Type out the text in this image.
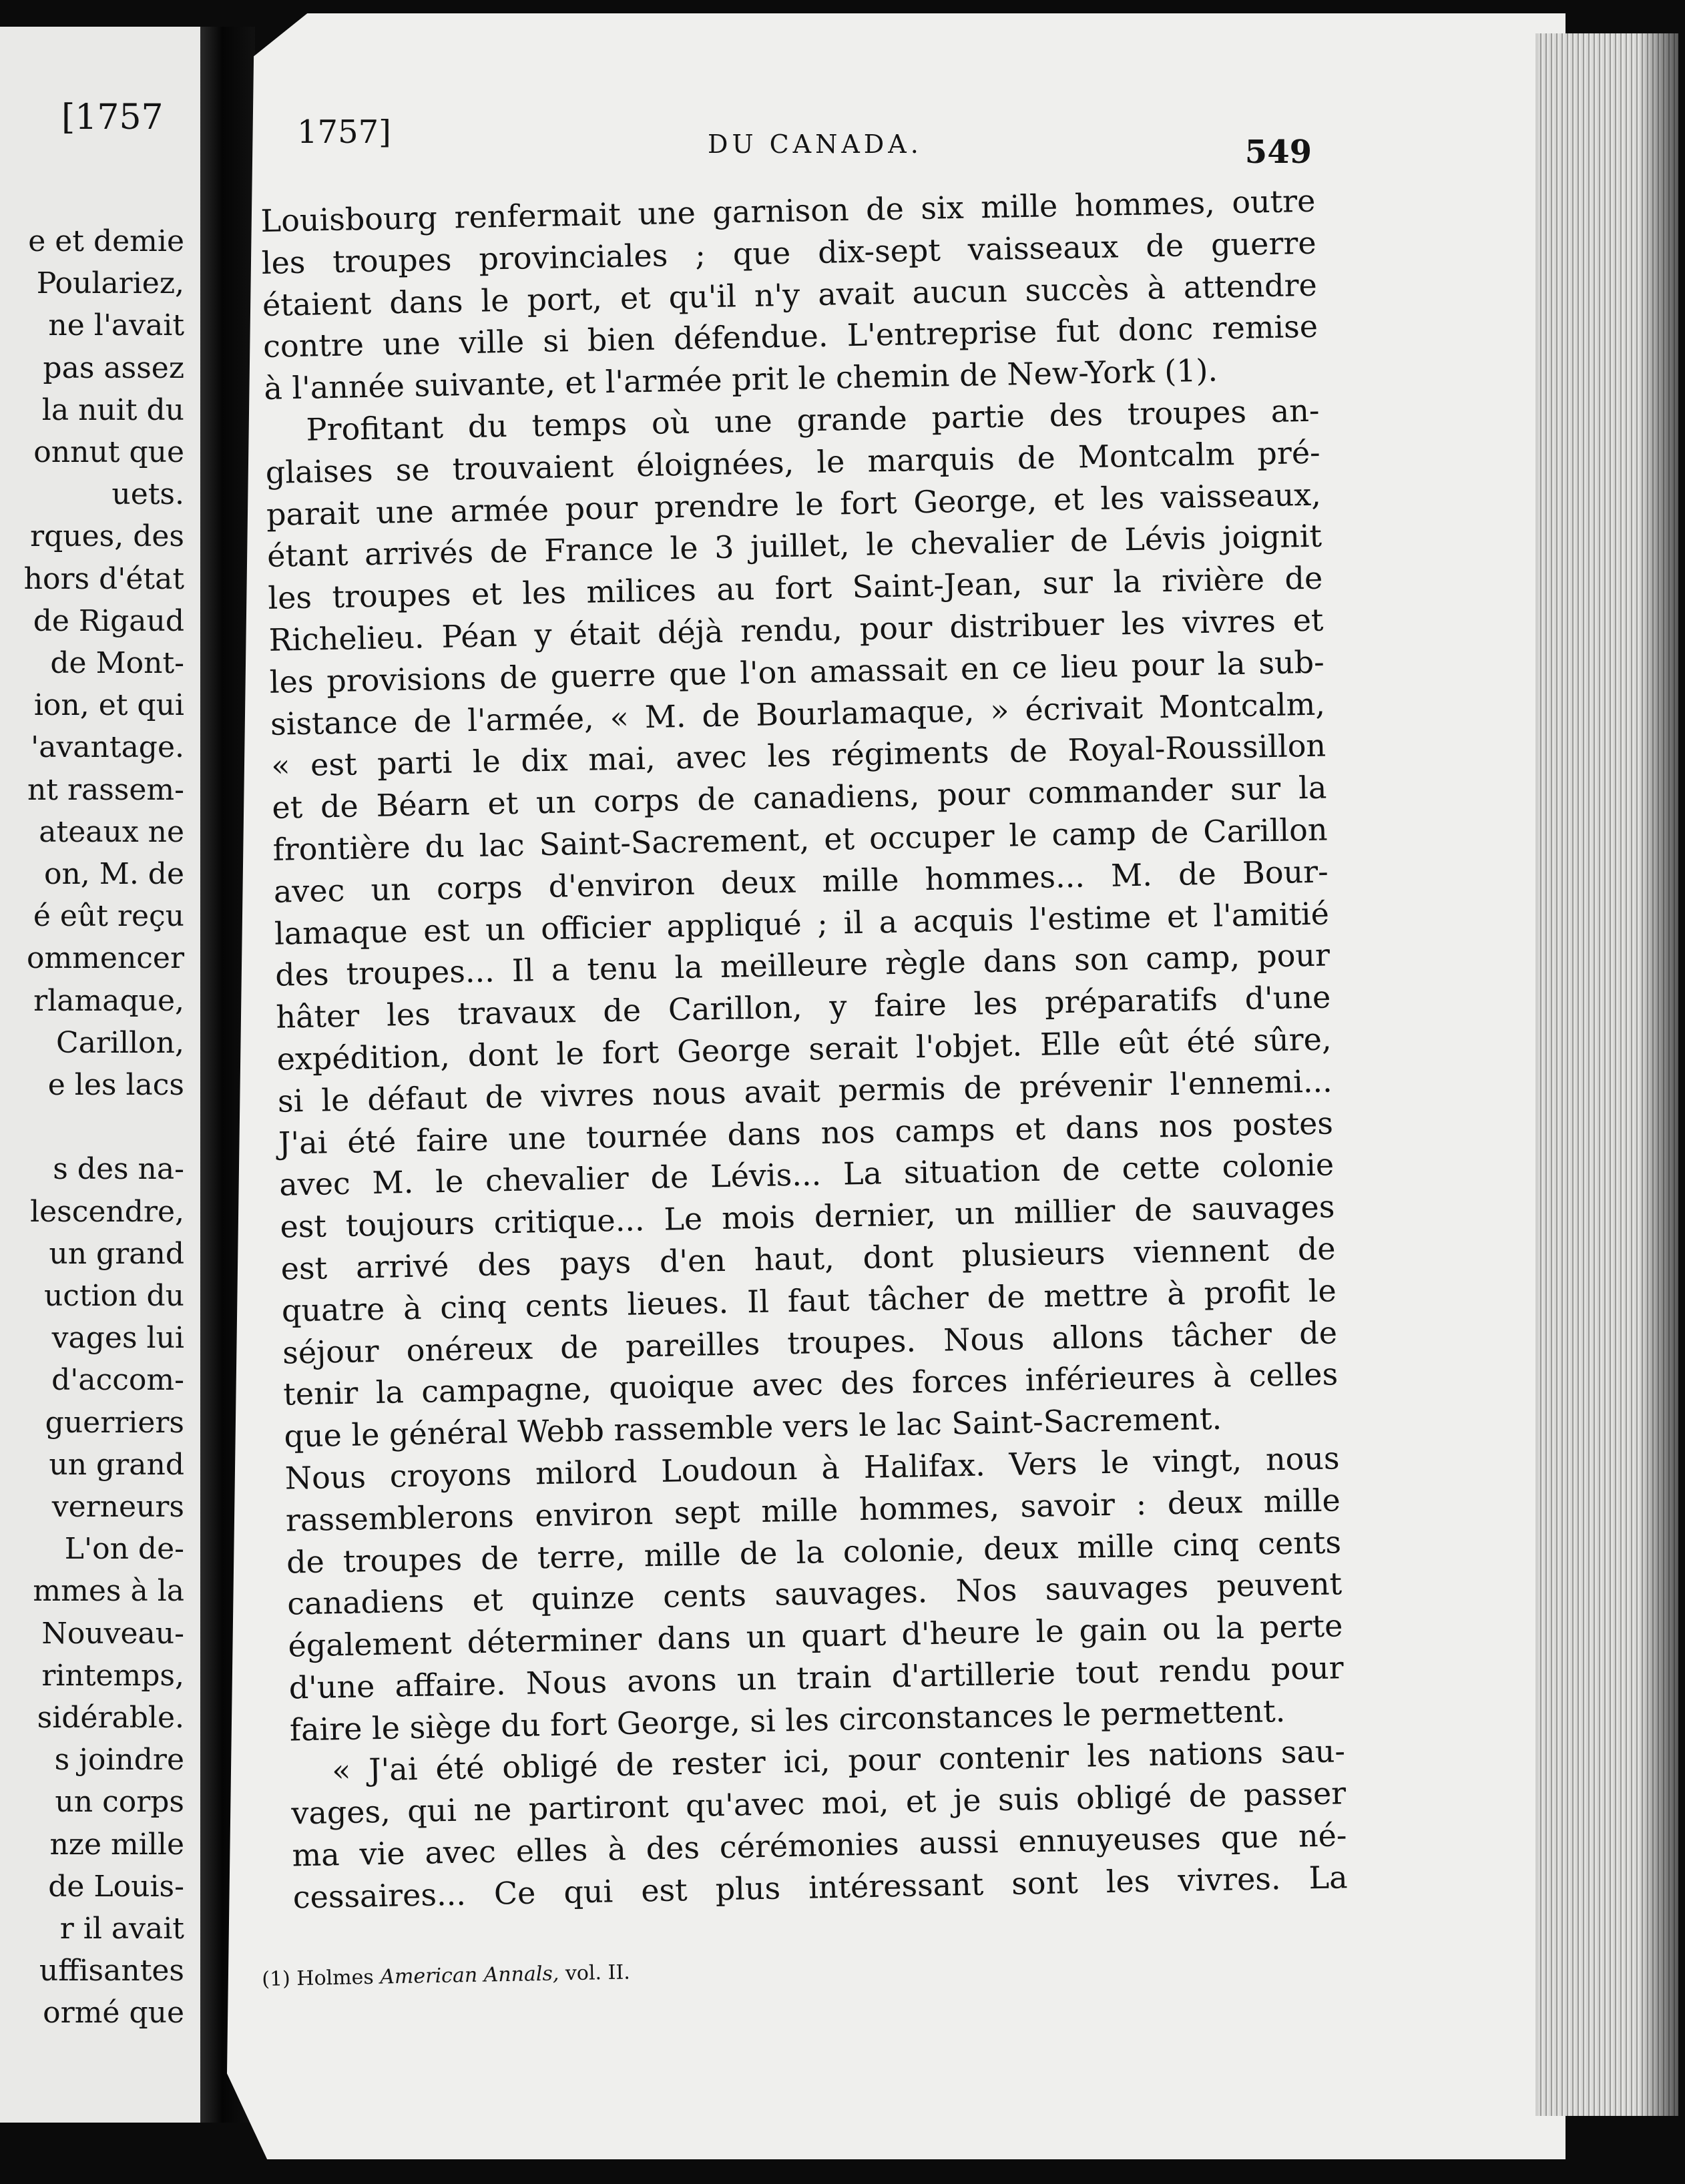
[1757
e et demie
Poulariez,
ne l'avait
pas assez
la nuit du
onnut que
uets.
rques, des
hors d'état
de Rigaud
de Mont-
ion, et qui
'avantage.
nt rassem-
ateaux ne
on, M. de
é eût reçu
ommencer
rlamaque,
Carillon,
e les lacs
s des na-
lescendre,
un grand
uction du
vages lui
d'accom-
guerriers
un grand
verneurs
L'on de-
mmes à la
Nouveau-
rintemps,
sidérable.
s joindre
un corps
nze mille
de Louis-
r il avait
uffisantes
ormé que
1757]	DU CANADA.	549
Louisbourg renfermait une garnison de six mille hommes, outre
les troupes provinciales ; que dix-sept vaisseaux de guerre
étaient dans le port, et qu'il n'y avait aucun succès à attendre
contre une ville si bien défendue. L'entreprise fut donc remise
à l'année suivante, et l'armée prit le chemin de New-York (1).
Profitant du temps où une grande partie des troupes an-
glaises se trouvaient éloignées, le marquis de Montcalm pré-
parait une armée pour prendre le fort George, et les vaisseaux,
étant arrivés de France le 3 juillet, le chevalier de Lévis joignit
les troupes et les milices au fort Saint-Jean, sur la rivière de
Richelieu. Péan y était déjà rendu, pour distribuer les vivres et
les provisions de guerre que l'on amassait en ce lieu pour la sub-
sistance de l'armée, « M. de Bourlamaque, » écrivait Montcalm,
« est parti le dix mai, avec les régiments de Royal-Roussillon
et de Béarn et un corps de canadiens, pour commander sur la
frontière du lac Saint-Sacrement, et occuper le camp de Carillon
avec un corps d'environ deux mille hommes... M. de Bour-
lamaque est un officier appliqué ; il a acquis l'estime et l'amitié
des troupes... Il a tenu la meilleure règle dans son camp, pour
hâter les travaux de Carillon, y faire les préparatifs d'une
expédition, dont le fort George serait l'objet. Elle eût été sûre,
si le défaut de vivres nous avait permis de prévenir l'ennemi...
J'ai été faire une tournée dans nos camps et dans nos postes
avec M. le chevalier de Lévis... La situation de cette colonie
est toujours critique... Le mois dernier, un millier de sauvages
est arrivé des pays d'en haut, dont plusieurs viennent de
quatre à cinq cents lieues. Il faut tâcher de mettre à profit le
séjour onéreux de pareilles troupes. Nous allons tâcher de
tenir la campagne, quoique avec des forces inférieures à celles
que le général Webb rassemble vers le lac Saint-Sacrement.
Nous croyons milord Loudoun à Halifax. Vers le vingt, nous
rassemblerons environ sept mille hommes, savoir : deux mille
de troupes de terre, mille de la colonie, deux mille cinq cents
canadiens et quinze cents sauvages. Nos sauvages peuvent
également déterminer dans un quart d'heure le gain ou la perte
d'une affaire. Nous avons un train d'artillerie tout rendu pour
faire le siège du fort George, si les circonstances le permettent.
« J'ai été obligé de rester ici, pour contenir les nations sau-
vages, qui ne partiront qu'avec moi, et je suis obligé de passer
ma vie avec elles à des cérémonies aussi ennuyeuses que né-
cessaires... Ce qui est plus intéressant sont les vivres. La
(1) Holmes American Annals, vol. II.
